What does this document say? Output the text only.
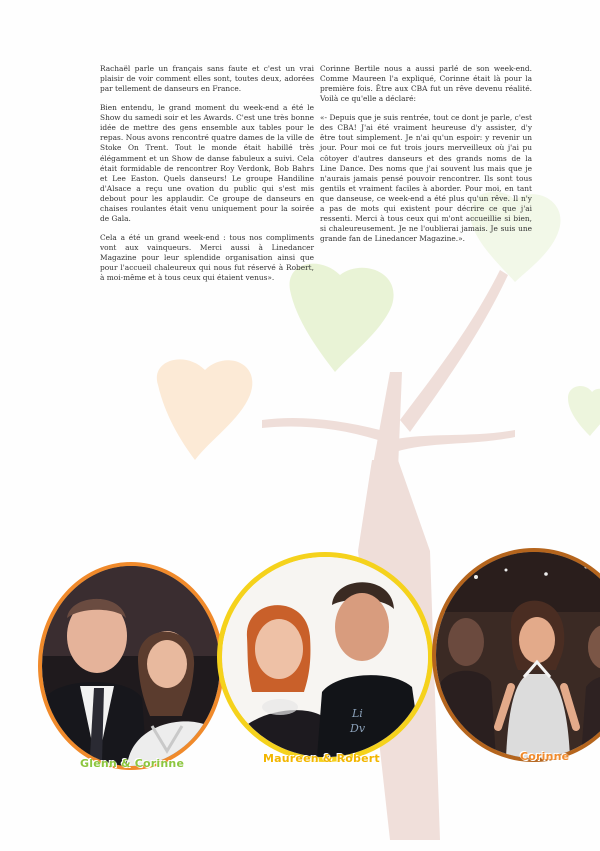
Rachaël parle un français sans faute et c'est un vrai plaisir de voir comment elles sont, toutes deux, adorées par tellement de danseurs en France.

Bien entendu, le grand moment du week-end a été le Show du samedi soir et les Awards. C'est une très bonne idée de mettre des gens ensemble aux tables pour le repas. Nous avons rencontré quatre dames de la ville de Stoke On Trent. Tout le monde était habillé très élégamment et un Show de danse fabuleux a suivi. Cela était formidable de rencontrer Roy Verdonk, Bob Bahrs et Lee Easton. Quels danseurs! Le groupe Handiline d'Alsace a reçu une ovation du public qui s'est mis debout pour les applaudir. Ce groupe de danseurs en chaises roulantes était venu uniquement pour la soirée de Gala.

Cela a été un grand week-end : tous nos compliments vont aux vainqueurs. Merci aussi à Linedancer Magazine pour leur splendide organisation ainsi que pour l'accueil chaleureux qui nous fut réservé à Robert, à moi-même et à tous ceux qui étaient venus».

Corinne Bertile nous a aussi parlé de son week-end. Comme Maureen l'a expliqué, Corinne était là pour la première fois. Être aux CBA fut un rêve devenu réalité. Voilà ce qu'elle a déclaré:

«- Depuis que je suis rentrée, tout ce dont je parle, c'est des CBA! J'ai été vraiment heureuse d'y assister, d'y être tout simplement. Je n'ai qu'un espoir: y revenir un jour. Pour moi ce fut trois jours merveilleux où j'ai pu côtoyer d'autres danseurs et des grands noms de la Line Dance. Des noms que j'ai souvent lus mais que je n'aurais jamais pensé pouvoir rencontrer. Ils sont tous gentils et vraiment faciles à aborder. Pour moi, en tant que danseuse, ce week-end a été plus qu'un rêve. Il n'y a pas de mots qui existent pour décrire ce que j'ai ressenti. Merci à tous ceux qui m'ont accueillie si bien, si chaleureusement. Je ne l'oublierai jamais. Je suis une grande fan de Linedancer Magazine.».

Glenn & Corinne
Li
Dv
Maureen & Robert	Corinne
